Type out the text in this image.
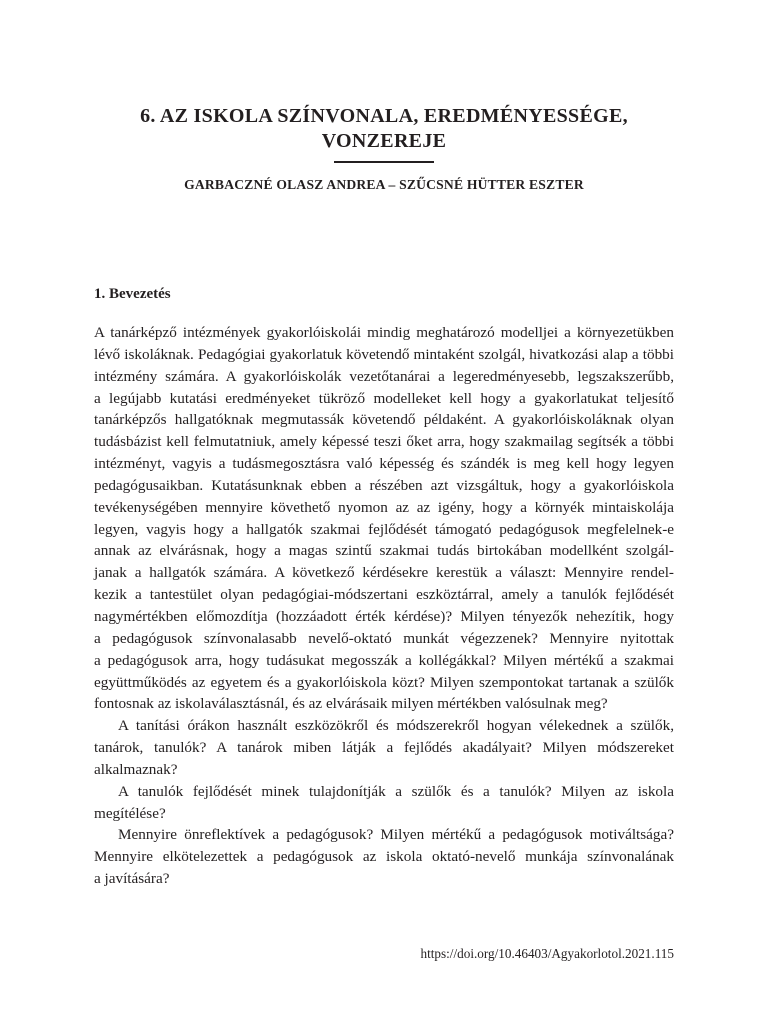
6. AZ ISKOLA SZÍNVONALA, EREDMÉNYESSÉGE,
VONZEREJE

GARBACZNÉ OLASZ ANDREA – SZŰCSNÉ HÜTTER ESZTER

1. Bevezetés
A tanárképző intézmények gyakorlóiskolái mindig meghatározó modelljei a környezetükben
lévő iskoláknak. Pedagógiai gyakorlatuk követendő mintaként szolgál, hivatkozási alap a többi
intézmény számára. A gyakorlóiskolák vezetőtanárai a legeredményesebb, legszakszerűbb,
a legújabb kutatási eredményeket tükröző modelleket kell hogy a gyakorlatukat teljesítő
tanárképzős hallgatóknak megmutassák követendő példaként. A gyakorlóiskoláknak olyan
tudásbázist kell felmutatniuk, amely képessé teszi őket arra, hogy szakmailag segítsék a többi
intézményt, vagyis a tudásmegosztásra való képesség és szándék is meg kell hogy legyen
pedagógusaikban. Kutatásunknak ebben a részében azt vizsgáltuk, hogy a gyakorlóiskola
tevékenységében mennyire követhető nyomon az az igény, hogy a környék mintaiskolája
legyen, vagyis hogy a hallgatók szakmai fejlődését támogató pedagógusok megfelelnek-e
annak az elvárásnak, hogy a magas szintű szakmai tudás birtokában modellként szolgál-
janak a hallgatók számára. A következő kérdésekre kerestük a választ: Mennyire rendel-
kezik a tantestület olyan pedagógiai-módszertani eszköztárral, amely a tanulók fejlődését
nagymértékben előmozdítja (hozzáadott érték kérdése)? Milyen tényezők nehezítik, hogy
a pedagógusok színvonalasabb nevelő-oktató munkát végezzenek? Mennyire nyitottak
a pedagógusok arra, hogy tudásukat megosszák a kollégákkal? Milyen mértékű a szakmai
együttműködés az egyetem és a gyakorlóiskola közt? Milyen szempontokat tartanak a szülők
fontosnak az iskolaválasztásnál, és az elvárásaik milyen mértékben valósulnak meg?
A tanítási órákon használt eszközökről és módszerekről hogyan vélekednek a szülők,
tanárok, tanulók? A tanárok miben látják a fejlődés akadályait? Milyen módszereket
alkalmaznak?
A tanulók fejlődését minek tulajdonítják a szülők és a tanulók? Milyen az iskola
megítélése?
Mennyire önreflektívek a pedagógusok? Milyen mértékű a pedagógusok motiváltsága?
Mennyire elkötelezettek a pedagógusok az iskola oktató-nevelő munkája színvonalának
a javítására?
https://doi.org/10.46403/Agyakorlotol.2021.115
